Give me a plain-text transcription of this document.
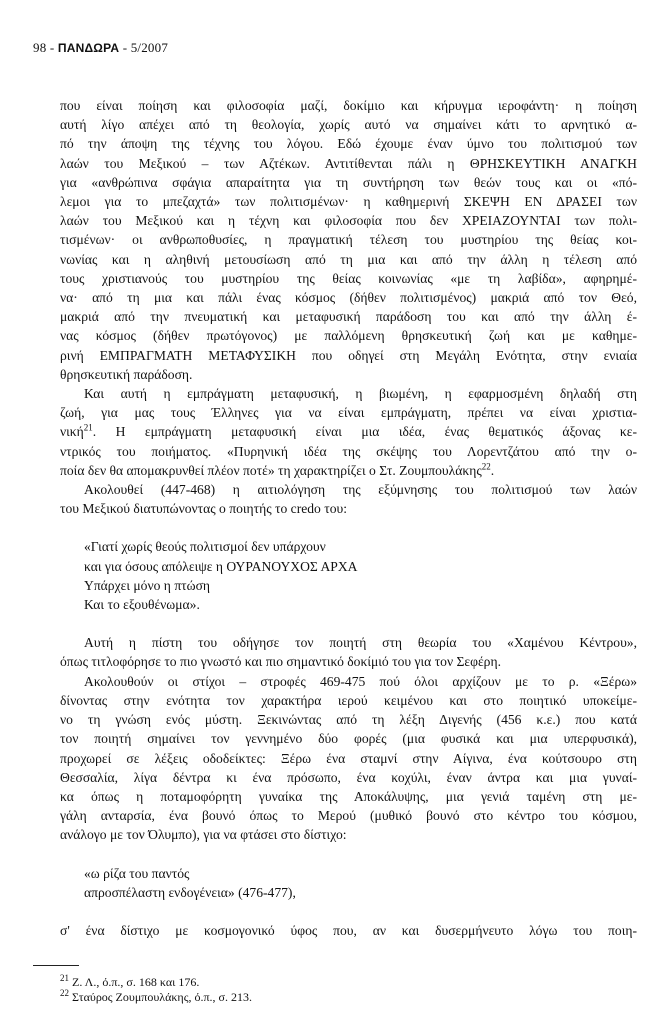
98 - ΠΑΝΔΩΡΑ - 5/2007

που είναι ποίηση και φιλοσοφία μαζί, δοκίμιο και κήρυγμα ιεροφάντη· η ποίηση

αυτή λίγο απέχει από τη θεολογία, χωρίς αυτό να σημαίνει κάτι το αρνητικό α-

πό την άποψη της τέχνης του λόγου. Εδώ έχουμε έναν ύμνο του πολιτισμού των

λαών του Μεξικού – των Αζτέκων. Αντιτίθενται πάλι η ΘΡΗΣΚΕΥΤΙΚΗ ΑΝΑΓΚΗ

για «ανθρώπινα σφάγια απαραίτητα για τη συντήρηση των θεών τους και οι «πό-

λεμοι για το μπεζαχτά» των πολιτισμένων· η καθημερινή ΣΚΕΨΗ ΕΝ ΔΡΑΣΕΙ των

λαών του Μεξικού και η τέχνη και φιλοσοφία που δεν ΧΡΕΙΑΖΟΥΝΤΑΙ των πολι-

τισμένων· οι ανθρωποθυσίες, η πραγματική τέλεση του μυστηρίου της θείας κοι-

νωνίας και η αληθινή μετουσίωση από τη μια και από την άλλη η τέλεση από

τους χριστιανούς του μυστηρίου της θείας κοινωνίας «με τη λαβίδα», αφηρημέ-

να· από τη μια και πάλι ένας κόσμος (δήθεν πολιτισμένος) μακριά από τον Θεό,

μακριά από την πνευματική και μεταφυσική παράδοση του και από την άλλη έ-

νας κόσμος (δήθεν πρωτόγονος) με παλλόμενη θρησκευτική ζωή και με καθημε-

ρινή ΕΜΠΡΑΓΜΑΤΗ ΜΕΤΑΦΥΣΙΚΗ που οδηγεί στη Μεγάλη Ενότητα, στην ενιαία

θρησκευτική παράδοση.

Και αυτή η εμπράγματη μεταφυσική, η βιωμένη, η εφαρμοσμένη δηλαδή στη

ζωή, για μας τους Έλληνες για να είναι εμπράγματη, πρέπει να είναι χριστια-

νική$^{21}$. Η εμπράγματη μεταφυσική είναι μια ιδέα, ένας θεματικός άξονας κε-

ντρικός του ποιήματος. «Πυρηνική ιδέα της σκέψης του Λορεντζάτου από την ο-

ποία δεν θα απομακρυνθεί πλέον ποτέ» τη χαρακτηρίζει ο Στ. Ζουμπουλάκης$^{22}$.

Ακολουθεί (447-468) η αιτιολόγηση της εξύμνησης του πολιτισμού των λαών

του Μεξικού διατυπώνοντας ο ποιητής το credo του:

«Γιατί χωρίς θεούς πολιτισμοί δεν υπάρχουν
και για όσους απόλειψε η ΟΥΡΑΝΟΥΧΟΣ ΑΡΧΑ
Υπάρχει μόνο η πτώση
Και το εξουθένωμα».

Αυτή η πίστη του οδήγησε τον ποιητή στη θεωρία του «Χαμένου Κέντρου»,

όπως τιτλοφόρησε το πιο γνωστό και πιο σημαντικό δοκίμιό του για τον Σεφέρη.

Ακολουθούν οι στίχοι – στροφές 469-475 πού όλοι αρχίζουν με το ρ. «Ξέρω»

δίνοντας στην ενότητα τον χαρακτήρα ιερού κειμένου και στο ποιητικό υποκείμε-

νο τη γνώση ενός μύστη. Ξεκινώντας από τη λέξη Διγενής (456 κ.ε.) που κατά

τον ποιητή σημαίνει τον γεννημένο δύο φορές (μια φυσικά και μια υπερφυσικά),

προχωρεί σε λέξεις οδοδείκτες: Ξέρω ένα σταμνί στην Αίγινα, ένα κούτσουρο στη

Θεσσαλία, λίγα δέντρα κι ένα πρόσωπο, ένα κοχύλι, έναν άντρα και μια γυναί-

κα όπως η ποταμοφόρητη γυναίκα της Αποκάλυψης, μια γενιά ταμένη στη με-

γάλη ανταρσία, ένα βουνό όπως το Μερού (μυθικό βουνό στο κέντρο του κόσμου,

ανάλογο με τον Όλυμπο), για να φτάσει στο δίστιχο:

«ω ρίζα του παντός
απροσπέλαστη ενδογένεια» (476-477),

σ' ένα δίστιχο με κοσμογονικό ύφος που, αν και δυσερμήνευτο λόγω του ποιη-

$^{21}$ Ζ. Λ., ό.π., σ. 168 και 176.
$^{22}$ Σταύρος Ζουμπουλάκης, ό.π., σ. 213.
